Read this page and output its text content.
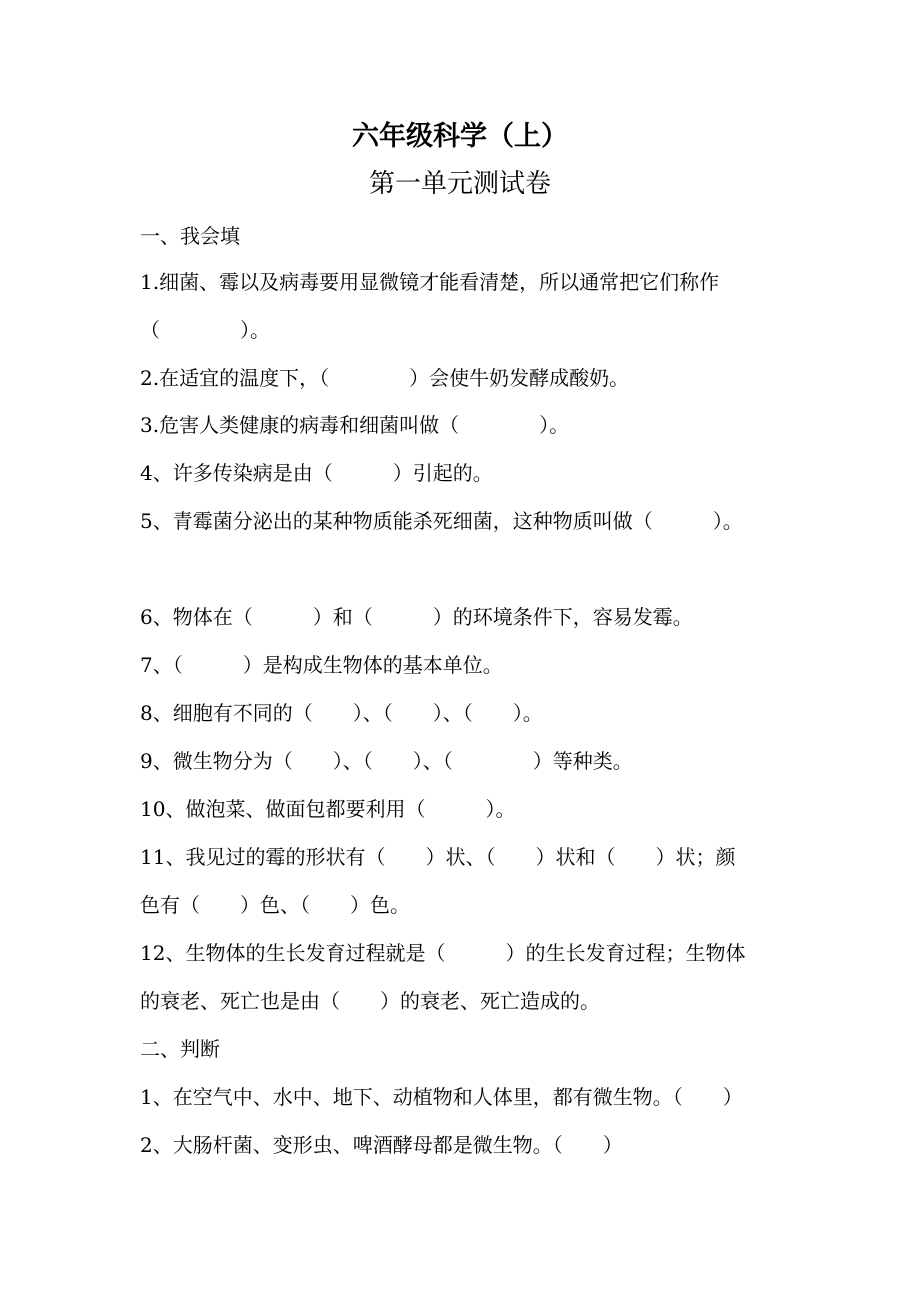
六年级科学（上）
第一单元测试卷
一、我会填
1.细菌、霉以及病毒要用显微镜才能看清楚，所以通常把它们称作
（　　　　）。
2.在适宜的温度下，（　　　　）会使牛奶发酵成酸奶。
3.危害人类健康的病毒和细菌叫做（　　　　）。
4、许多传染病是由（　　　）引起的。
5、青霉菌分泌出的某种物质能杀死细菌，这种物质叫做（　　　）。
6、物体在（　　　）和（　　　）的环境条件下，容易发霉。
7、（　　　）是构成生物体的基本单位。
8、细胞有不同的（　　）、（　　）、（　　）。
9、微生物分为（　　）、（　　）、（　　　　）等种类。
10、做泡菜、做面包都要利用（　　　）。
11、我见过的霉的形状有（　　）状、（　　）状和（　　）状；颜
色有（　　）色、（　　）色。
12、生物体的生长发育过程就是（　　　）的生长发育过程；生物体
的衰老、死亡也是由（　　）的衰老、死亡造成的。
二、判断
1、在空气中、水中、地下、动植物和人体里，都有微生物。（　　）
2、大肠杆菌、变形虫、啤酒酵母都是微生物。（　　）
